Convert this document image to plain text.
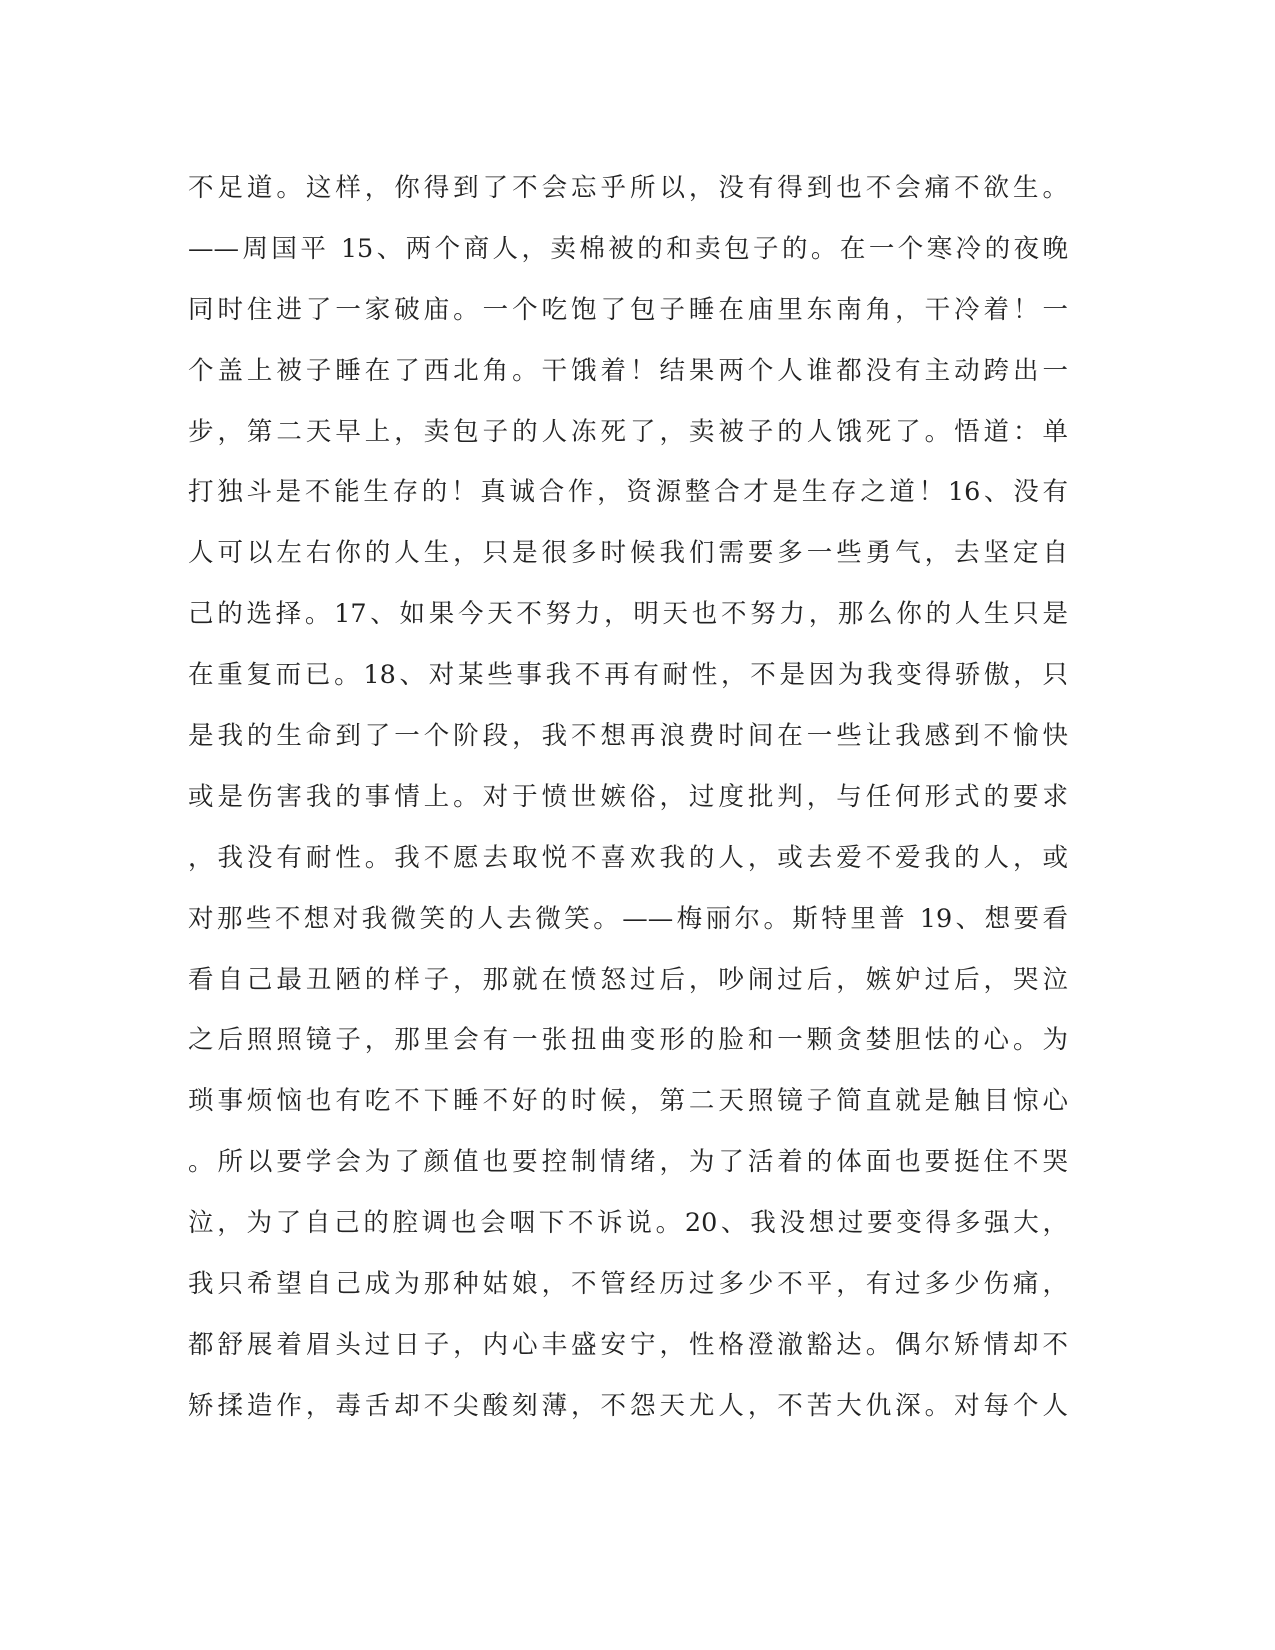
不足道。这样，你得到了不会忘乎所以，没有得到也不会痛不欲生。
——周国平 15、两个商人，卖棉被的和卖包子的。在一个寒冷的夜晚
同时住进了一家破庙。一个吃饱了包子睡在庙里东南角，干冷着！一
个盖上被子睡在了西北角。干饿着！结果两个人谁都没有主动跨出一
步，第二天早上，卖包子的人冻死了，卖被子的人饿死了。悟道：单
打独斗是不能生存的！真诚合作，资源整合才是生存之道！16、没有
人可以左右你的人生，只是很多时候我们需要多一些勇气，去坚定自
己的选择。17、如果今天不努力，明天也不努力，那么你的人生只是
在重复而已。18、对某些事我不再有耐性，不是因为我变得骄傲，只
是我的生命到了一个阶段，我不想再浪费时间在一些让我感到不愉快
或是伤害我的事情上。对于愤世嫉俗，过度批判，与任何形式的要求
，我没有耐性。我不愿去取悦不喜欢我的人，或去爱不爱我的人，或
对那些不想对我微笑的人去微笑。——梅丽尔。斯特里普 19、想要看
看自己最丑陋的样子，那就在愤怒过后，吵闹过后，嫉妒过后，哭泣
之后照照镜子，那里会有一张扭曲变形的脸和一颗贪婪胆怯的心。为
琐事烦恼也有吃不下睡不好的时候，第二天照镜子简直就是触目惊心
。所以要学会为了颜值也要控制情绪，为了活着的体面也要挺住不哭
泣，为了自己的腔调也会咽下不诉说。20、我没想过要变得多强大，
我只希望自己成为那种姑娘，不管经历过多少不平，有过多少伤痛，
都舒展着眉头过日子，内心丰盛安宁，性格澄澈豁达。偶尔矫情却不
矫揉造作，毒舌却不尖酸刻薄，不怨天尤人，不苦大仇深。对每个人
